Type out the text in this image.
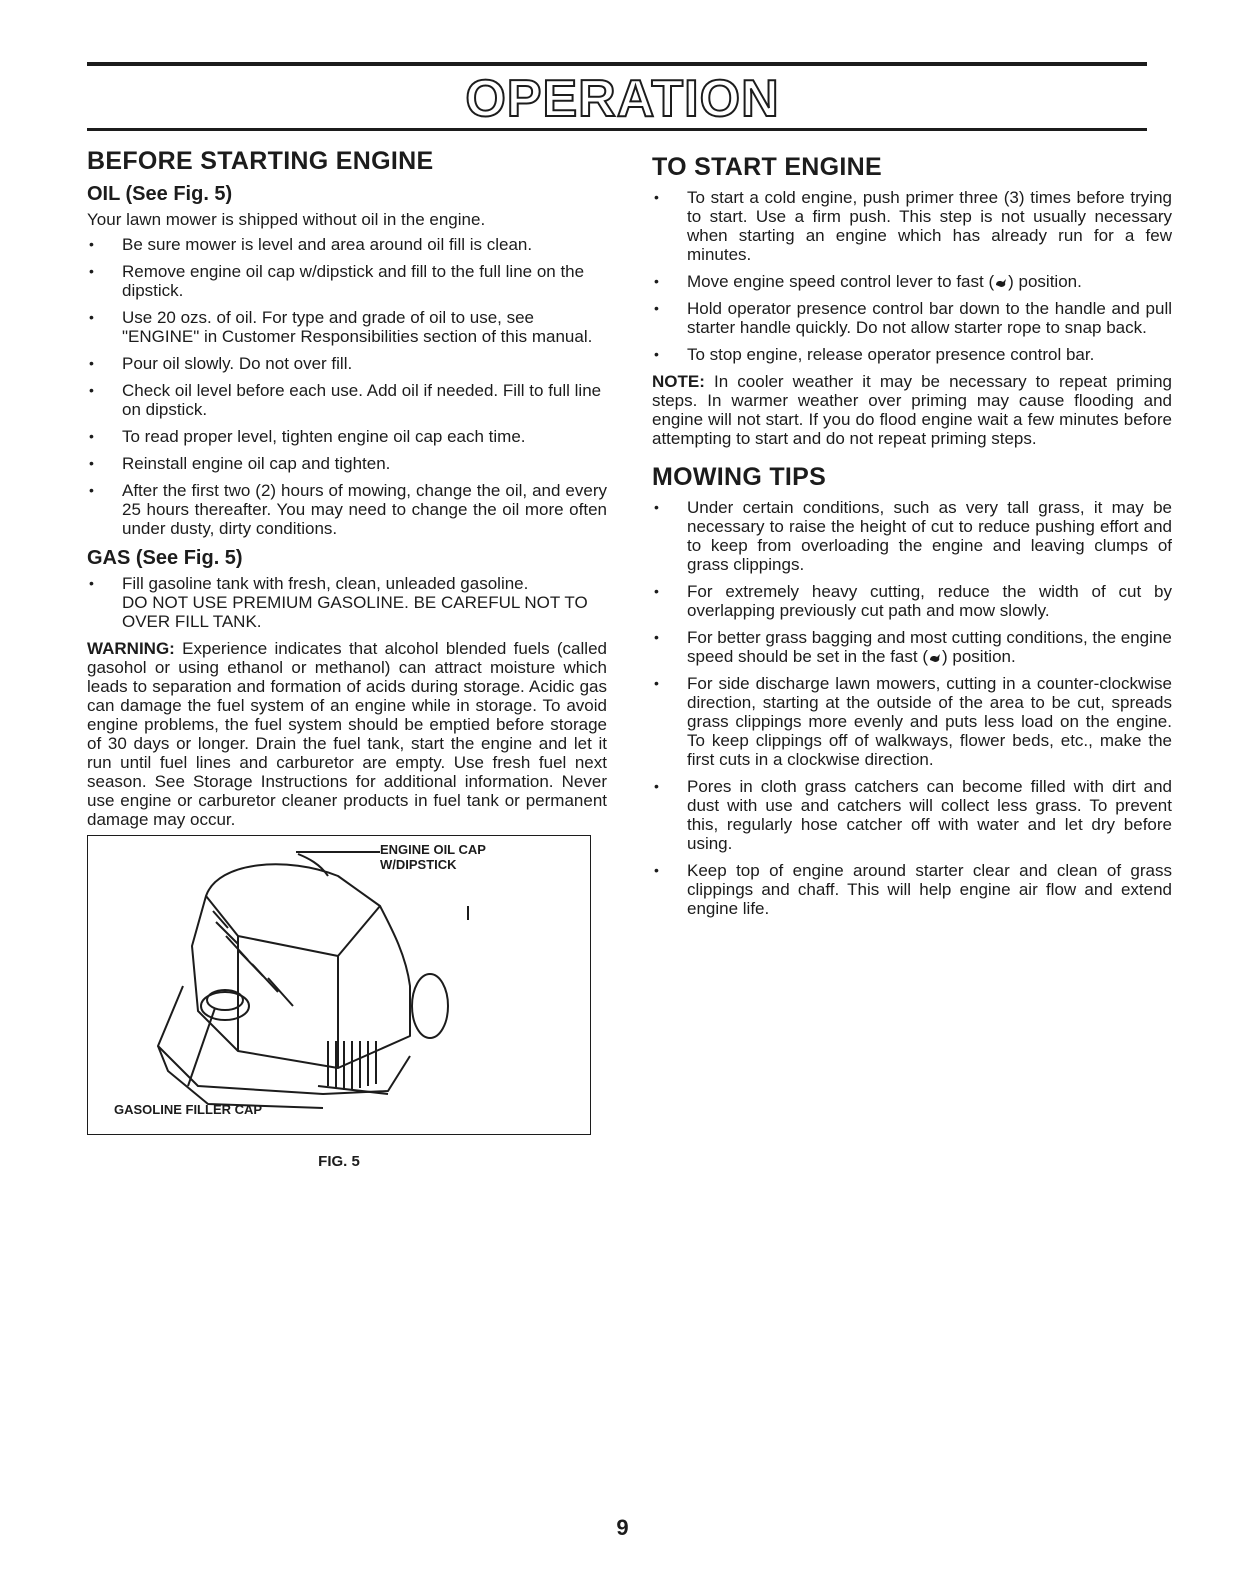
OPERATION
BEFORE STARTING ENGINE
OIL (See Fig. 5)

Your lawn mower is shipped without oil in the engine.

• Be sure mower is level and area around oil fill is clean.
• Remove engine oil cap w/dipstick and fill to the full line on the dipstick.
• Use 20 ozs. of oil. For type and grade of oil to use, see "ENGINE" in Customer Responsibilities section of this manual.
• Pour oil slowly. Do not over fill.
• Check oil level before each use. Add oil if needed. Fill to full line on dipstick.
• To read proper level, tighten engine oil cap each time.
• Reinstall engine oil cap and tighten.
• After the first two (2) hours of mowing, change the oil, and every 25 hours thereafter. You may need to change the oil more often under dusty, dirty conditions.
GAS (See Fig. 5)
• Fill gasoline tank with fresh, clean, unleaded gasoline.
DO NOT USE PREMIUM GASOLINE. BE CAREFUL NOT TO OVER FILL TANK.

WARNING: Experience indicates that alcohol blended fuels (called gasohol or using ethanol or methanol) can attract moisture which leads to separation and formation of acids during storage. Acidic gas can damage the fuel system of an engine while in storage. To avoid engine problems, the fuel system should be emptied before storage of 30 days or longer. Drain the fuel tank, start the engine and let it run until fuel lines and carburetor are empty. Use fresh fuel next season. See Storage Instructions for additional information. Never use engine or carburetor cleaner products in fuel tank or permanent damage may occur.

ENGINE OIL CAP
W/DIPSTICK
GASOLINE FILLER CAP
FIG. 5
TO START ENGINE
• To start a cold engine, push primer three (3) times before trying to start. Use a firm push. This step is not usually necessary when starting an engine which has already run for a few minutes.
• Move engine speed control lever to fast ( ) position.
• Hold operator presence control bar down to the handle and pull starter handle quickly. Do not allow starter rope to snap back.
• To stop engine, release operator presence control bar.

NOTE: In cooler weather it may be necessary to repeat priming steps. In warmer weather over priming may cause flooding and engine will not start. If you do flood engine wait a few minutes before attempting to start and do not repeat priming steps.

MOWING TIPS
• Under certain conditions, such as very tall grass, it may be necessary to raise the height of cut to reduce pushing effort and to keep from overloading the engine and leaving clumps of grass clippings.
• For extremely heavy cutting, reduce the width of cut by overlapping previously cut path and mow slowly.
• For better grass bagging and most cutting conditions, the engine speed should be set in the fast ( ) position.
• For side discharge lawn mowers, cutting in a counter-clockwise direction, starting at the outside of the area to be cut, spreads grass clippings more evenly and puts less load on the engine. To keep clippings off of walkways, flower beds, etc., make the first cuts in a clockwise direction.
• Pores in cloth grass catchers can become filled with dirt and dust with use and catchers will collect less grass. To prevent this, regularly hose catcher off with water and let dry before using.
• Keep top of engine around starter clear and clean of grass clippings and chaff. This will help engine air flow and extend engine life.
9
